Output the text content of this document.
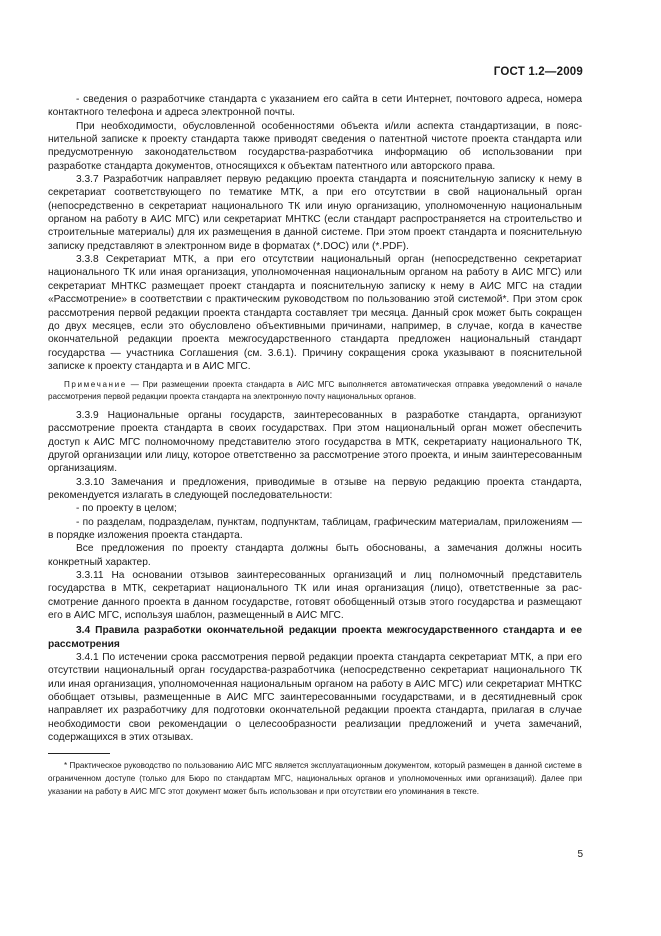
ГОСТ 1.2—2009

- сведения о разработчике стандарта с указанием его сайта в сети Интернет, почтового адреса, номера контактного телефона и адреса электронной почты.

При необходимости, обусловленной особенностями объекта и/или аспекта стандартизации, в пояснительной записке к проекту стандарта также приводят сведения о патентной чистоте проекта стандарта или предусмотренную законодательством государства-разработчика информацию об использовании при разработке стандарта документов, относящихся к объектам патентного или авторского права.

3.3.7 Разработчик направляет первую редакцию проекта стандарта и пояснительную записку к нему в секретариат соответствующего по тематике МТК, а при его отсутствии в свой национальный орган (непосредственно в секретариат национального ТК или иную организацию, уполномоченную национальным органом на работу в АИС МГС) или секретариат МНТКС (если стандарт распространяется на строительство и строительные материалы) для их размещения в данной системе. При этом проект стандарта и пояснительную записку представляют в электронном виде в форматах (*.DOC) или (*.PDF).

3.3.8 Секретариат МТК, а при его отсутствии национальный орган (непосредственно секретариат национального ТК или иная организация, уполномоченная национальным органом на работу в АИС МГС) или секретариат МНТКС размещает проект стандарта и пояснительную записку к нему в АИС МГС на стадии «Рассмотрение» в соответствии с практическим руководством по пользованию этой системой*. При этом срок рассмотрения первой редакции проекта стандарта составляет три месяца. Данный срок может быть сокращен до двух месяцев, если это обусловлено объективными причинами, например, в случае, когда в качестве окончательной редакции проекта межгосударственного стандарта предложен национальный стандарт государства — участника Соглашения (см. 3.6.1). Причину сокращения срока указывают в пояснительной записке к проекту стандарта и в АИС МГС.

Примечание — При размещении проекта стандарта в АИС МГС выполняется автоматическая отправка уведомлений о начале рассмотрения первой редакции проекта стандарта на электронную почту национальных органов.

3.3.9 Национальные органы государств, заинтересованных в разработке стандарта, организуют рассмотрение проекта стандарта в своих государствах. При этом национальный орган может обеспечить доступ к АИС МГС полномочному представителю этого государства в МТК, секретариату национального ТК, другой организации или лицу, которое ответственно за рассмотрение этого проекта, и иным заинтересованным организациям.

3.3.10 Замечания и предложения, приводимые в отзыве на первую редакцию проекта стандарта, рекомендуется излагать в следующей последовательности:

- по проекту в целом;

- по разделам, подразделам, пунктам, подпунктам, таблицам, графическим материалам, приложениям — в порядке изложения проекта стандарта.

Все предложения по проекту стандарта должны быть обоснованы, а замечания должны носить конкретный характер.

3.3.11 На основании отзывов заинтересованных организаций и лиц полномочный представитель государства в МТК, секретариат национального ТК или иная организация (лицо), ответственные за рассмотрение данного проекта в данном государстве, готовят обобщенный отзыв этого государства и размещают его в АИС МГС, используя шаблон, размещенный в АИС МГС.

3.4 Правила разработки окончательной редакции проекта межгосударственного стандарта и ее рассмотрения

3.4.1 По истечении срока рассмотрения первой редакции проекта стандарта секретариат МТК, а при его отсутствии национальный орган государства-разработчика (непосредственно секретариат национального ТК или иная организация, уполномоченная национальным органом на работу в АИС МГС) или секретариат МНТКС обобщает отзывы, размещенные в АИС МГС заинтересованными государствами, и в десятидневный срок направляет их разработчику для подготовки окончательной редакции проекта стандарта, прилагая в случае необходимости свои рекомендации о целесообразности реализации предложений и учета замечаний, содержащихся в этих отзывах.

* Практическое руководство по пользованию АИС МГС является эксплуатационным документом, который размещен в данной системе в ограниченном доступе (только для Бюро по стандартам МГС, национальных органов и уполномоченных ими организаций). Далее при указании на работу в АИС МГС этот документ может быть использован и при отсутствии его упоминания в тексте.

5
